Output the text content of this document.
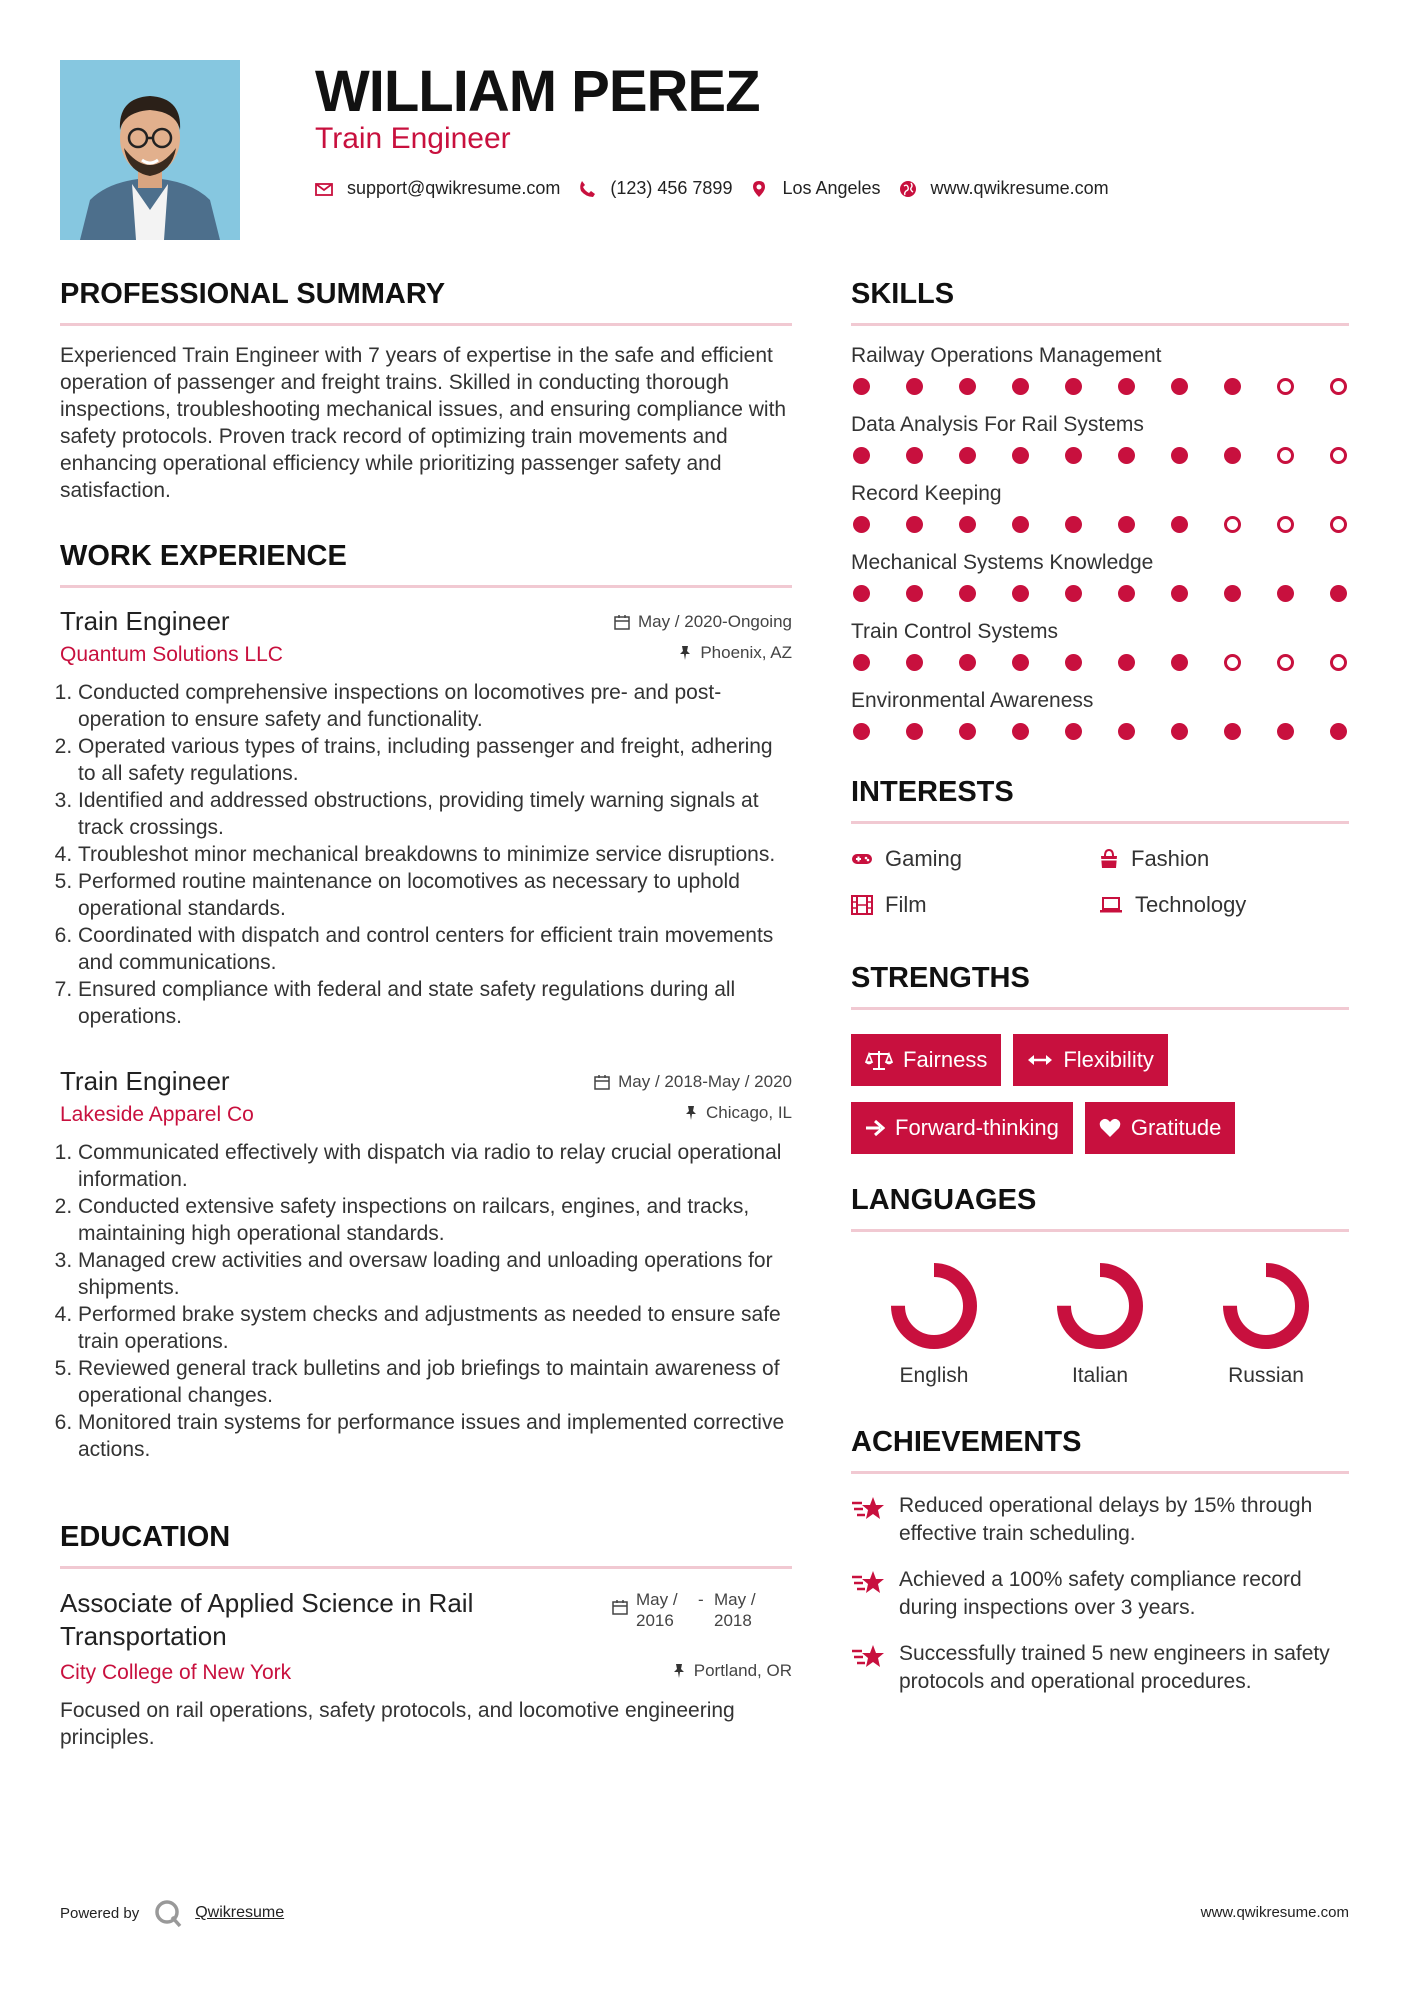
WILLIAM PEREZ
Train Engineer
support@qwikresume.com	(123) 456 7899	Los Angeles	www.qwikresume.com
PROFESSIONAL SUMMARY
Experienced Train Engineer with 7 years of expertise in the safe and efficient operation of passenger and freight trains. Skilled in conducting thorough inspections, troubleshooting mechanical issues, and ensuring compliance with safety protocols. Proven track record of optimizing train movements and enhancing operational efficiency while prioritizing passenger safety and satisfaction.
WORK EXPERIENCE
Train Engineer	May / 2020-Ongoing
Quantum Solutions LLC	Phoenix, AZ
1. Conducted comprehensive inspections on locomotives pre- and post-operation to ensure safety and functionality.
2. Operated various types of trains, including passenger and freight, adhering to all safety regulations.
3. Identified and addressed obstructions, providing timely warning signals at track crossings.
4. Troubleshot minor mechanical breakdowns to minimize service disruptions.
5. Performed routine maintenance on locomotives as necessary to uphold operational standards.
6. Coordinated with dispatch and control centers for efficient train movements and communications.
7. Ensured compliance with federal and state safety regulations during all operations.
Train Engineer	May / 2018-May / 2020
Lakeside Apparel Co	Chicago, IL
1. Communicated effectively with dispatch via radio to relay crucial operational information.
2. Conducted extensive safety inspections on railcars, engines, and tracks, maintaining high operational standards.
3. Managed crew activities and oversaw loading and unloading operations for shipments.
4. Performed brake system checks and adjustments as needed to ensure safe train operations.
5. Reviewed general track bulletins and job briefings to maintain awareness of operational changes.
6. Monitored train systems for performance issues and implemented corrective actions.
EDUCATION
Associate of Applied Science in Rail Transportation
May / 2016
- May / 2018
City College of New York	Portland, OR
Focused on rail operations, safety protocols, and locomotive engineering principles.
SKILLS
Railway Operations Management
Data Analysis For Rail Systems
Record Keeping
Mechanical Systems Knowledge
Train Control Systems
Environmental Awareness
INTERESTS
Gaming	Fashion
Film	Technology
STRENGTHS
Fairness	Flexibility
Forward-thinking	Gratitude
LANGUAGES
English	Italian	Russian
ACHIEVEMENTS
Reduced operational delays by 15% through effective train scheduling.
Achieved a 100% safety compliance record during inspections over 3 years.
Successfully trained 5 new engineers in safety protocols and operational procedures.
Powered by	Qwikresume	www.qwikresume.com
